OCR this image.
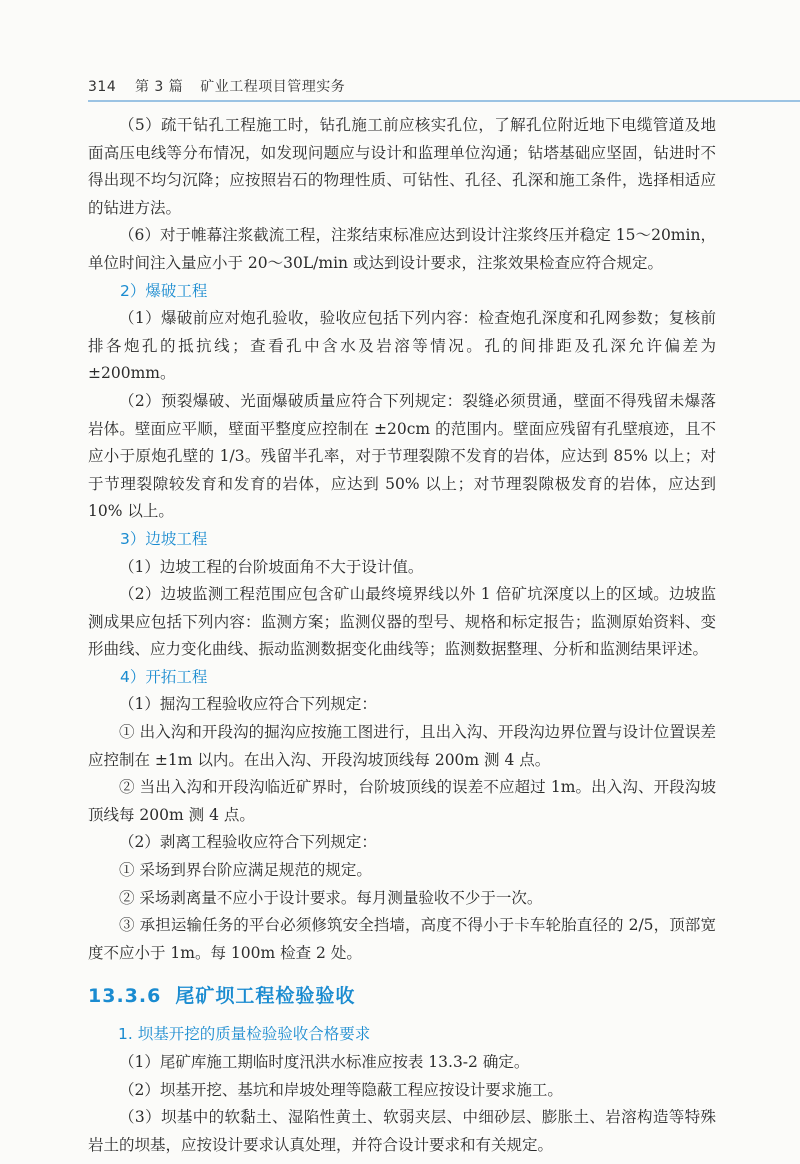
314 第 3 篇 矿业工程项目管理实务

（5）疏干钻孔工程施工时，钻孔施工前应核实孔位，了解孔位附近地下电缆管道及地面高压电线等分布情况，如发现问题应与设计和监理单位沟通；钻塔基础应坚固，钻进时不得出现不均匀沉降；应按照岩石的物理性质、可钻性、孔径、孔深和施工条件，选择相适应的钻进方法。

（6）对于帷幕注浆截流工程，注浆结束标准应达到设计注浆终压并稳定 15～20min，单位时间注入量应小于 20～30L/min 或达到设计要求，注浆效果检查应符合规定。

2）爆破工程

（1）爆破前应对炮孔验收，验收应包括下列内容：检查炮孔深度和孔网参数；复核前排各炮孔的抵抗线；查看孔中含水及岩溶等情况。孔的间排距及孔深允许偏差为 ±200mm。

（2）预裂爆破、光面爆破质量应符合下列规定：裂缝必须贯通，壁面不得残留未爆落岩体。壁面应平顺，壁面平整度应控制在 ±20cm 的范围内。壁面应残留有孔壁痕迹，且不应小于原炮孔壁的 1/3。残留半孔率，对于节理裂隙不发育的岩体，应达到 85% 以上；对于节理裂隙较发育和发育的岩体，应达到 50% 以上；对节理裂隙极发育的岩体，应达到 10% 以上。

3）边坡工程

（1）边坡工程的台阶坡面角不大于设计值。

（2）边坡监测工程范围应包含矿山最终境界线以外 1 倍矿坑深度以上的区域。边坡监测成果应包括下列内容：监测方案；监测仪器的型号、规格和标定报告；监测原始资料、变形曲线、应力变化曲线、振动监测数据变化曲线等；监测数据整理、分析和监测结果评述。

4）开拓工程

（1）掘沟工程验收应符合下列规定：

① 出入沟和开段沟的掘沟应按施工图进行，且出入沟、开段沟边界位置与设计位置误差应控制在 ±1m 以内。在出入沟、开段沟坡顶线每 200m 测 4 点。

② 当出入沟和开段沟临近矿界时，台阶坡顶线的误差不应超过 1m。出入沟、开段沟坡顶线每 200m 测 4 点。

（2）剥离工程验收应符合下列规定：

① 采场到界台阶应满足规范的规定。

② 采场剥离量不应小于设计要求。每月测量验收不少于一次。

③ 承担运输任务的平台必须修筑安全挡墙，高度不得小于卡车轮胎直径的 2/5，顶部宽度不应小于 1m。每 100m 检查 2 处。

13.3.6 尾矿坝工程检验验收
1. 坝基开挖的质量检验验收合格要求

（1）尾矿库施工期临时度汛洪水标准应按表 13.3-2 确定。

（2）坝基开挖、基坑和岸坡处理等隐蔽工程应按设计要求施工。

（3）坝基中的软黏土、湿陷性黄土、软弱夹层、中细砂层、膨胀土、岩溶构造等特殊岩土的坝基，应按设计要求认真处理，并符合设计要求和有关规定。
